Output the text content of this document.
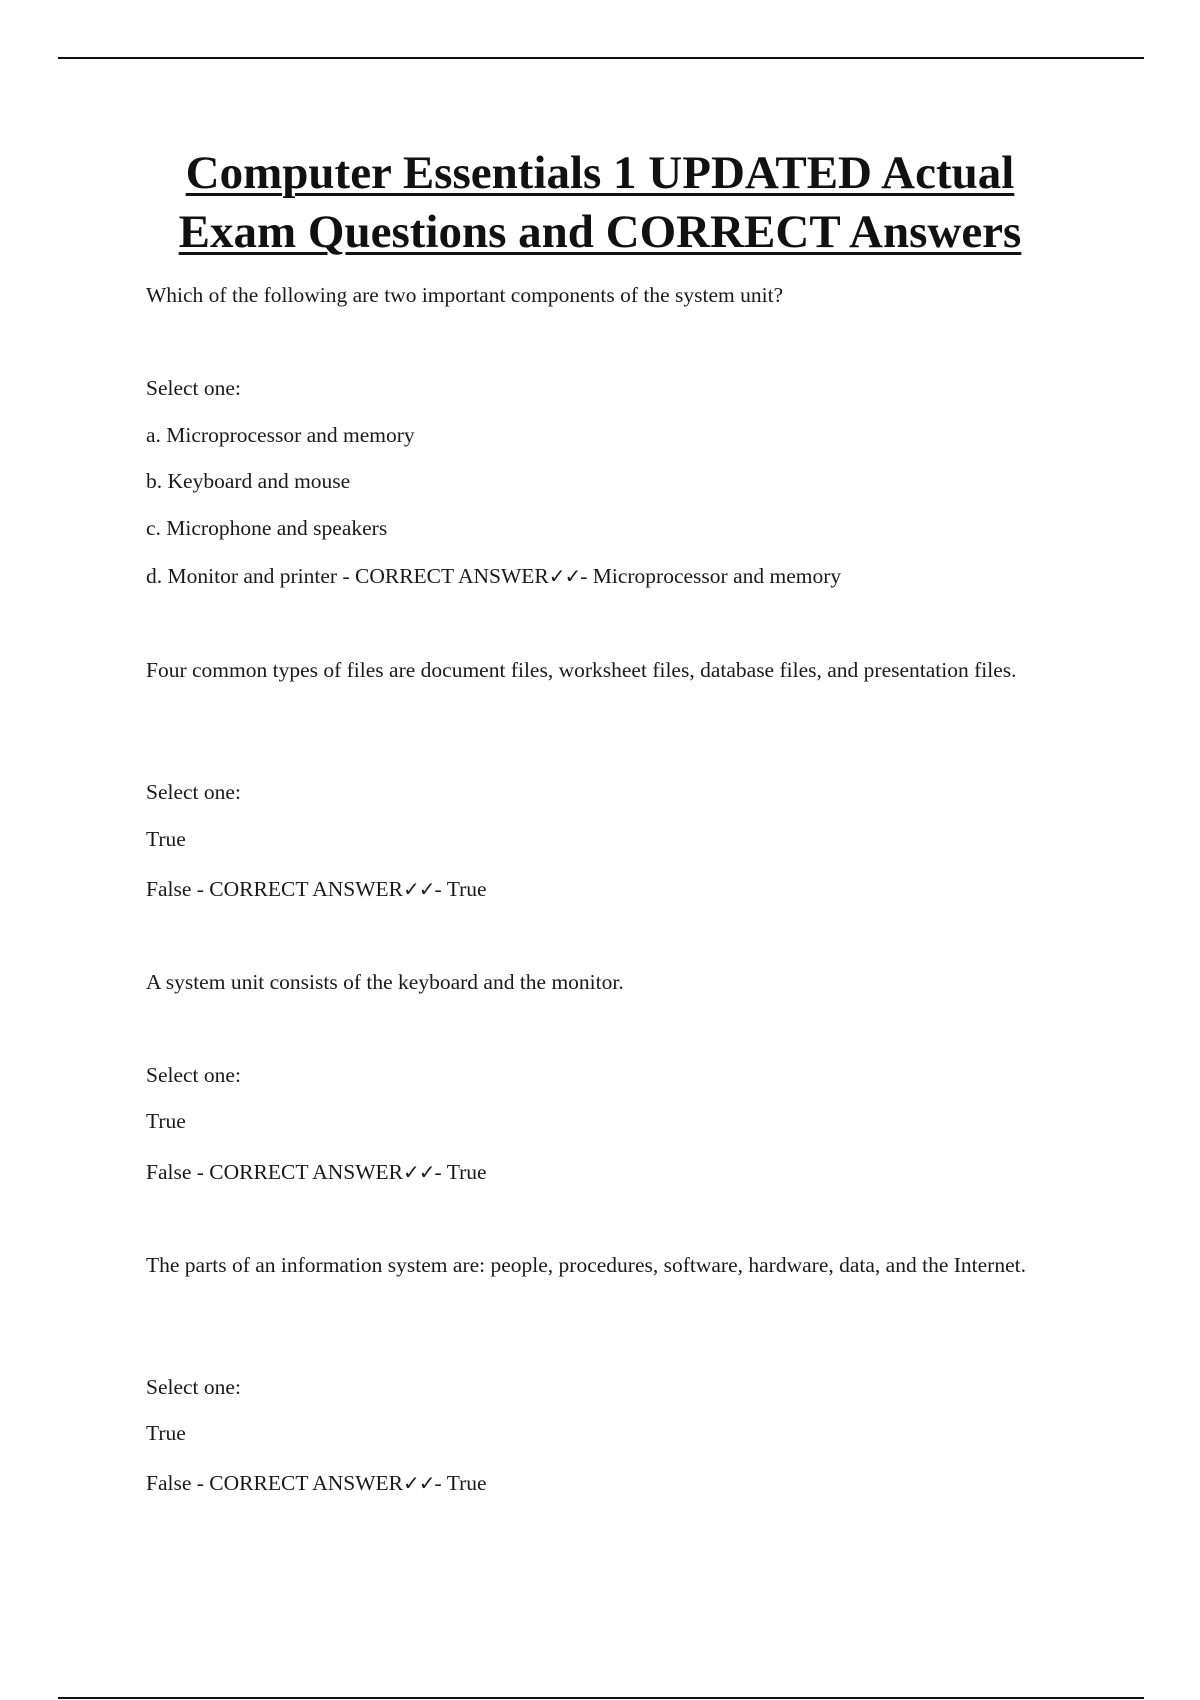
Computer Essentials 1 UPDATED Actual
Exam Questions and CORRECT Answers
Which of the following are two important components of the system unit?
Select one:
a. Microprocessor and memory
b. Keyboard and mouse
c. Microphone and speakers
d. Monitor and printer - CORRECT ANSWER✓✓- Microprocessor and memory
Four common types of files are document files, worksheet files, database files, and presentation files.
Select one:
True
False - CORRECT ANSWER✓✓- True
A system unit consists of the keyboard and the monitor.
Select one:
True
False - CORRECT ANSWER✓✓- True
The parts of an information system are: people, procedures, software, hardware, data, and the Internet.
Select one:
True
False - CORRECT ANSWER✓✓- True
